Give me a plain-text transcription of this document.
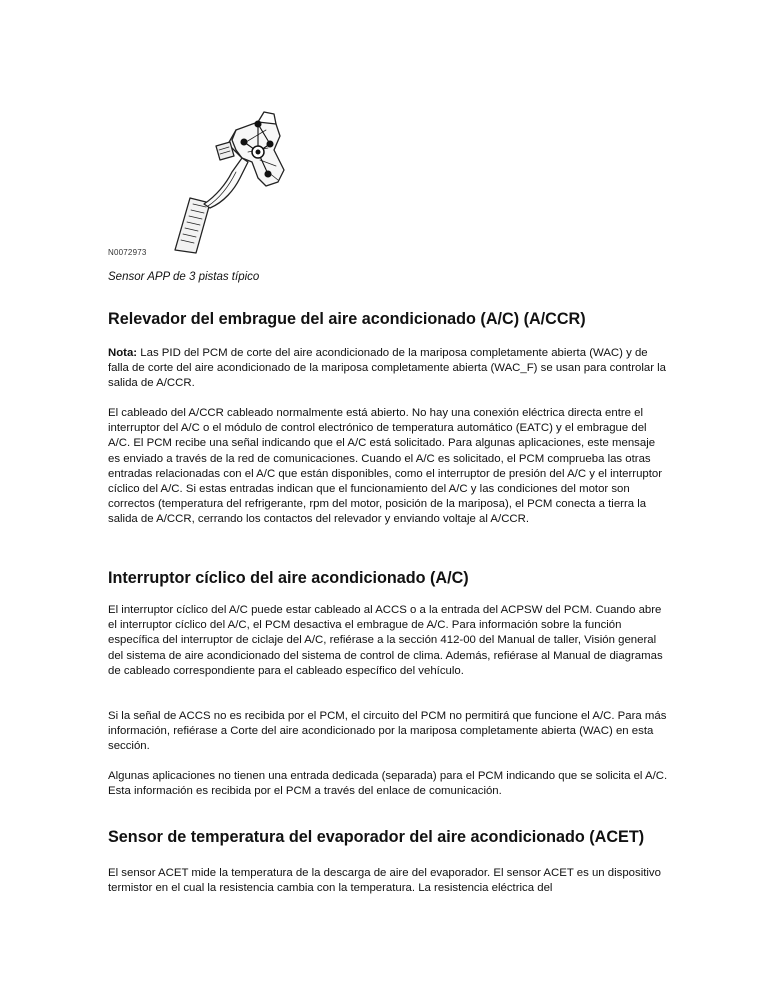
N0072973
Sensor APP de 3 pistas típico
Relevador del embrague del aire acondicionado (A/C) (A/CCR)

Nota: Las PID del PCM de corte del aire acondicionado de la mariposa completamente abierta (WAC) y de falla de corte del aire acondicionado de la mariposa completamente abierta (WAC_F) se usan para controlar la salida de A/CCR.

El cableado del A/CCR cableado normalmente está abierto. No hay una conexión eléctrica directa entre el interruptor del A/C o el módulo de control electrónico de temperatura automático (EATC) y el embrague del A/C. El PCM recibe una señal indicando que el A/C está solicitado. Para algunas aplicaciones, este mensaje es enviado a través de la red de comunicaciones. Cuando el A/C es solicitado, el PCM comprueba las otras entradas relacionadas con el A/C que están disponibles, como el interruptor de presión del A/C y el interruptor cíclico del A/C. Si estas entradas indican que el funcionamiento del A/C y las condiciones del motor son correctos (temperatura del refrigerante, rpm del motor, posición de la mariposa), el PCM conecta a tierra la salida de A/CCR, cerrando los contactos del relevador y enviando voltaje al A/CCR.

Interruptor cíclico del aire acondicionado (A/C)

El interruptor cíclico del A/C puede estar cableado al ACCS o a la entrada del ACPSW del PCM. Cuando abre el interruptor cíclico del A/C, el PCM desactiva el embrague de A/C. Para información sobre la función específica del interruptor de ciclaje del A/C, refiérase a la sección 412-00 del Manual de taller, Visión general del sistema de aire acondicionado del sistema de control de clima. Además, refiérase al Manual de diagramas de cableado correspondiente para el cableado específico del vehículo.

Si la señal de ACCS no es recibida por el PCM, el circuito del PCM no permitirá que funcione el A/C. Para más información, refiérase a Corte del aire acondicionado por la mariposa completamente abierta (WAC) en esta sección.

Algunas aplicaciones no tienen una entrada dedicada (separada) para el PCM indicando que se solicita el A/C. Esta información es recibida por el PCM a través del enlace de comunicación.

Sensor de temperatura del evaporador del aire acondicionado (ACET)

El sensor ACET mide la temperatura de la descarga de aire del evaporador. El sensor ACET es un dispositivo termistor en el cual la resistencia cambia con la temperatura. La resistencia eléctrica del
